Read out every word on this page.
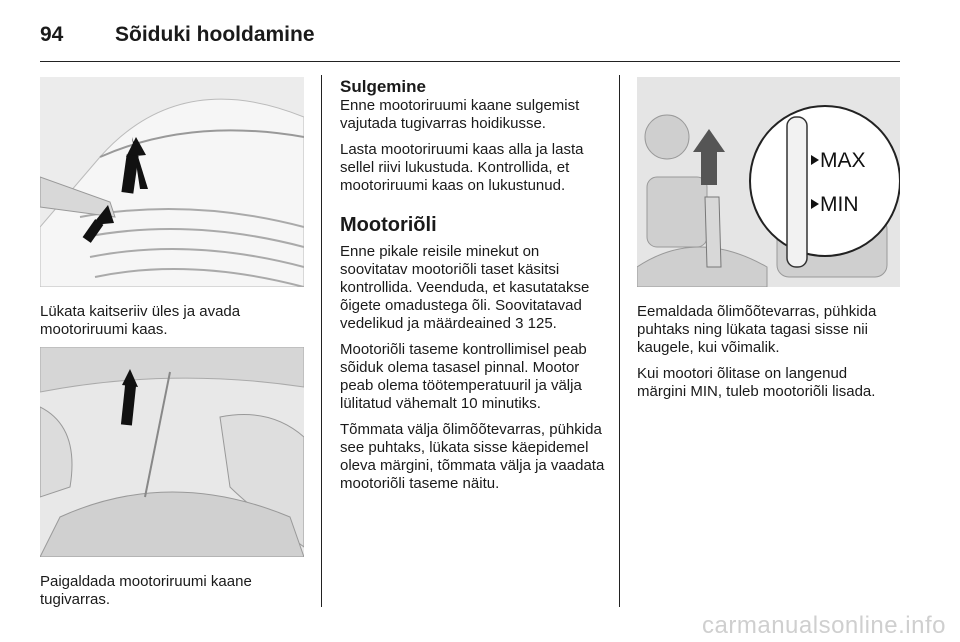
94	Sõiduki hooldamine

Lükata kaitseriiv üles ja avada mootoriruumi kaas.

Paigaldada mootoriruumi kaane tugivarras.

Sulgemine

Enne mootoriruumi kaane sulgemist vajutada tugivarras hoidikusse.

Lasta mootoriruumi kaas alla ja lasta sellel riivi lukustuda. Kontrollida, et mootoriruumi kaas on lukustunud.

Mootoriõli

Enne pikale reisile minekut on soovitatav mootoriõli taset käsitsi kontrollida. Veenduda, et kasutatakse õigete omadustega õli. Soovitatavad vedelikud ja määrdeained 3 125.

Mootoriõli taseme kontrollimisel peab sõiduk olema tasasel pinnal. Mootor peab olema töötemperatuuril ja välja lülitatud vähemalt 10 minutiks.

Tõmmata välja õlimõõtevarras, pühkida see puhtaks, lükata sisse käepidemel oleva märgini, tõmmata välja ja vaadata mootoriõli taseme näitu.

MAX
MIN

Eemaldada õlimõõtevarras, pühkida puhtaks ning lükata tagasi sisse nii kaugele, kui võimalik.

Kui mootori õlitase on langenud märgini MIN, tuleb mootoriõli lisada.

carmanualsonline.info
